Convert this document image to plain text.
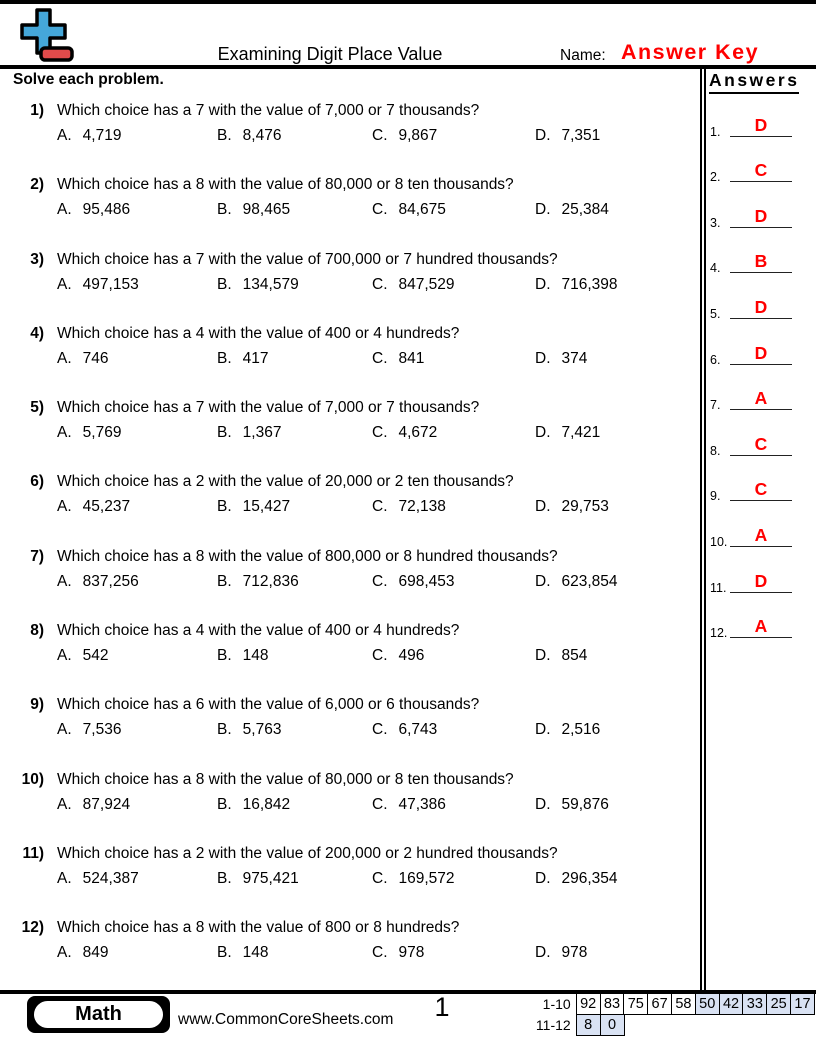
Examining Digit Place Value	Name: Answer Key
Solve each problem.
1) Which choice has a 7 with the value of 7,000 or 7 thousands?
A. 4,719	B. 8,476	C. 9,867	D. 7,351
2) Which choice has a 8 with the value of 80,000 or 8 ten thousands?
A. 95,486	B. 98,465	C. 84,675	D. 25,384
3) Which choice has a 7 with the value of 700,000 or 7 hundred thousands?
A. 497,153	B. 134,579	C. 847,529	D. 716,398
4) Which choice has a 4 with the value of 400 or 4 hundreds?
A. 746	B. 417	C. 841	D. 374
5) Which choice has a 7 with the value of 7,000 or 7 thousands?
A. 5,769	B. 1,367	C. 4,672	D. 7,421
6) Which choice has a 2 with the value of 20,000 or 2 ten thousands?
A. 45,237	B. 15,427	C. 72,138	D. 29,753
7) Which choice has a 8 with the value of 800,000 or 8 hundred thousands?
A. 837,256	B. 712,836	C. 698,453	D. 623,854
8) Which choice has a 4 with the value of 400 or 4 hundreds?
A. 542	B. 148	C. 496	D. 854
9) Which choice has a 6 with the value of 6,000 or 6 thousands?
A. 7,536	B. 5,763	C. 6,743	D. 2,516
10) Which choice has a 8 with the value of 80,000 or 8 ten thousands?
A. 87,924	B. 16,842	C. 47,386	D. 59,876
11) Which choice has a 2 with the value of 200,000 or 2 hundred thousands?
A. 524,387	B. 975,421	C. 169,572	D. 296,354
12) Which choice has a 8 with the value of 800 or 8 hundreds?
A. 849	B. 148	C. 978	D. 978
Answers
1.	D
2.	C
3.	D
4.	B
5.	D
6.	D
7.	A
8.	C
9.	C
10.	A
11.	D
12.	A
Math	www.CommonCoreSheets.com	1	1-10 92 83 75 67 58 50 42 33 25 17
11-12 8	0
